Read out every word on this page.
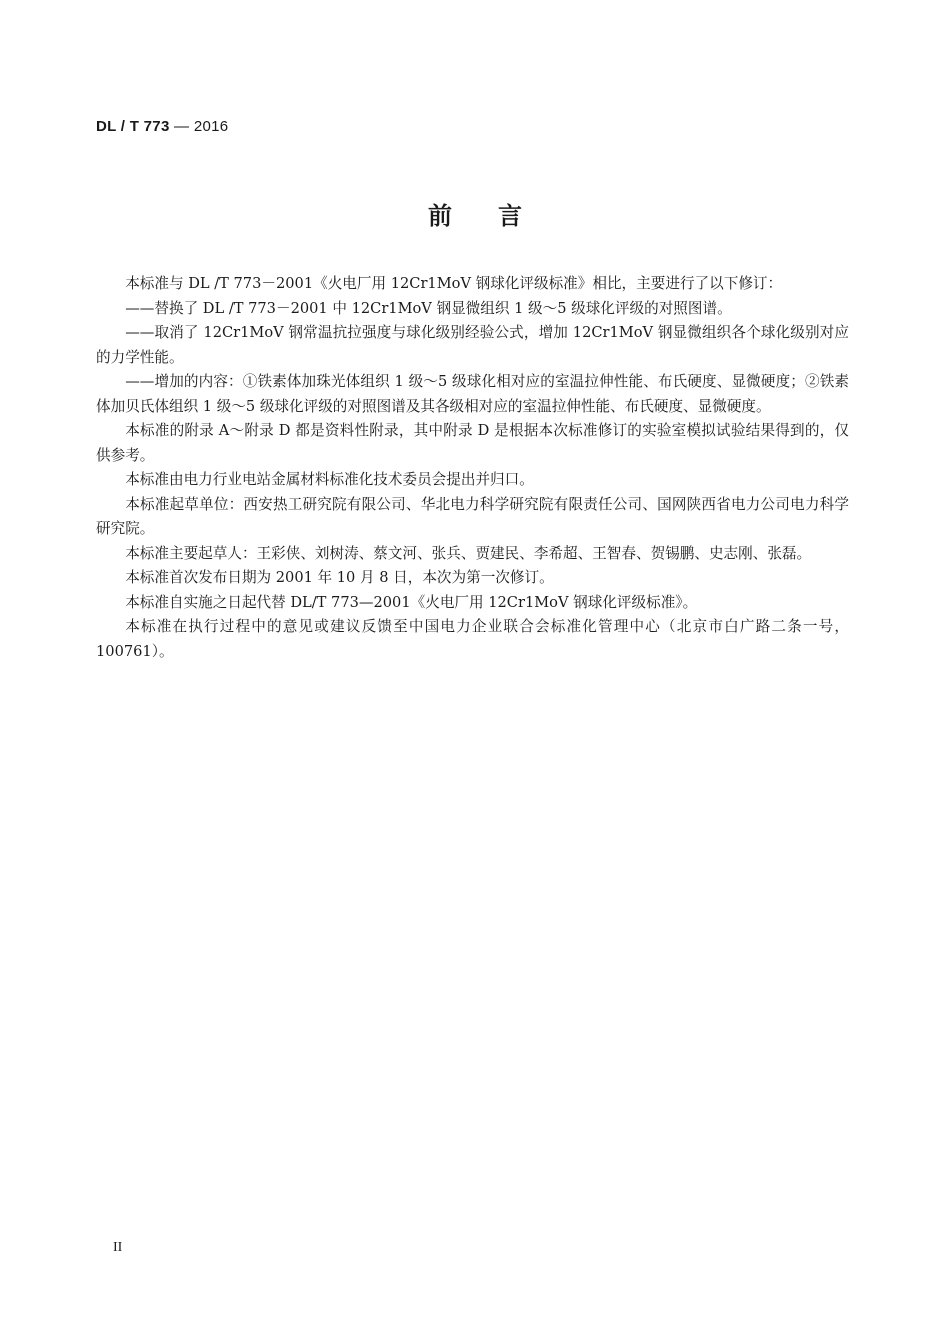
DL / T 773 — 2016
前言

本标准与 DL /T 773－2001《火电厂用 12Cr1MoV 钢球化评级标准》相比，主要进行了以下修订：

——替换了 DL /T 773－2001 中 12Cr1MoV 钢显微组织 1 级～5 级球化评级的对照图谱。

——取消了 12Cr1MoV 钢常温抗拉强度与球化级别经验公式，增加 12Cr1MoV 钢显微组织各个球化级别对应的力学性能。

——增加的内容：①铁素体加珠光体组织 1 级～5 级球化相对应的室温拉伸性能、布氏硬度、显微硬度；②铁素体加贝氏体组织 1 级～5 级球化评级的对照图谱及其各级相对应的室温拉伸性能、布氏硬度、显微硬度。

本标准的附录 A～附录 D 都是资料性附录，其中附录 D 是根据本次标准修订的实验室模拟试验结果得到的，仅供参考。

本标准由电力行业电站金属材料标准化技术委员会提出并归口。

本标准起草单位：西安热工研究院有限公司、华北电力科学研究院有限责任公司、国网陕西省电力公司电力科学研究院。

本标准主要起草人：王彩侠、刘树涛、蔡文河、张兵、贾建民、李希超、王智春、贺锡鹏、史志刚、张磊。

本标准首次发布日期为 2001 年 10 月 8 日，本次为第一次修订。

本标准自实施之日起代替 DL/T 773—2001《火电厂用 12Cr1MoV 钢球化评级标准》。

本标准在执行过程中的意见或建议反馈至中国电力企业联合会标准化管理中心（北京市白广路二条一号，100761）。

II
